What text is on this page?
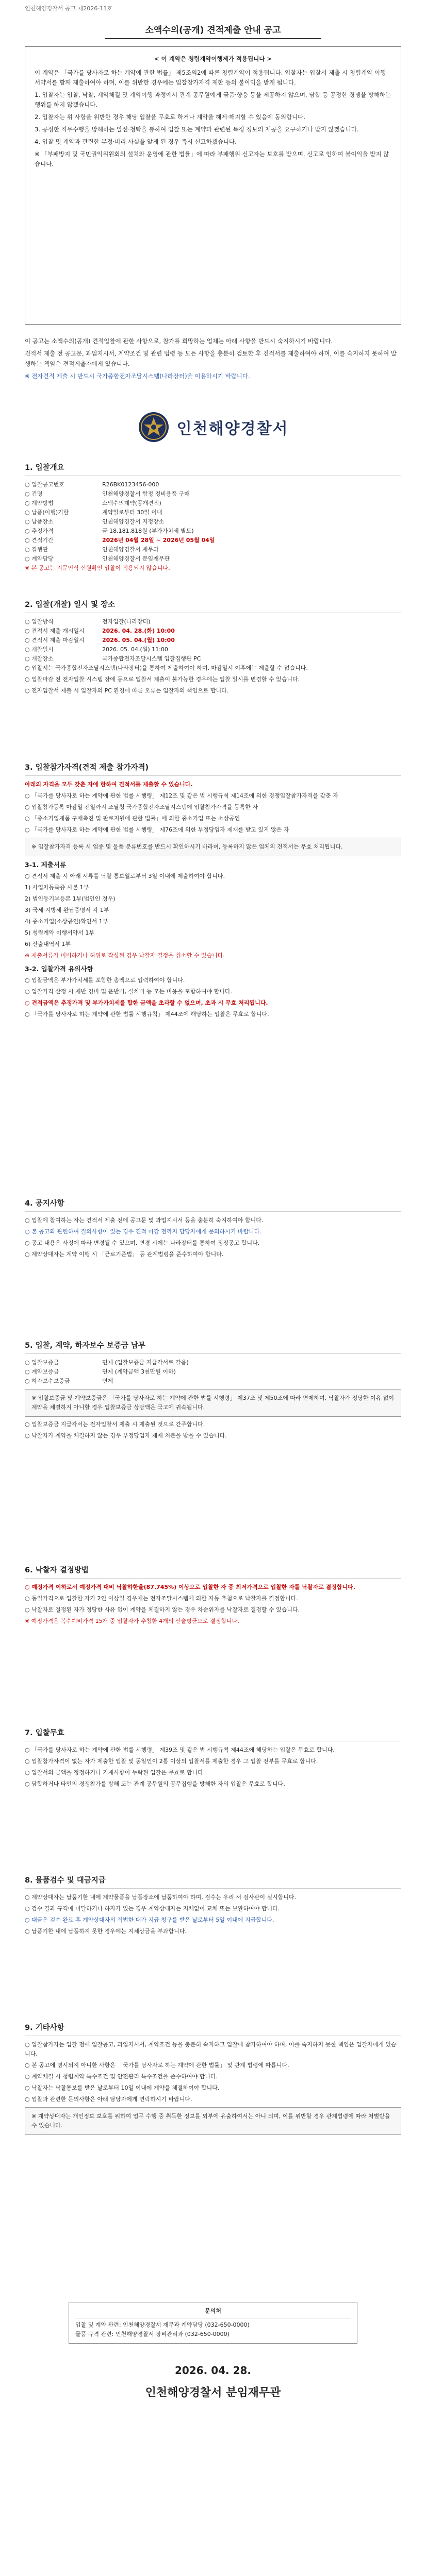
인천해양경찰서 공고 제2026-11호
소액수의(공개) 견적제출 안내 공고
< 이 계약은 청렴계약이행제가 적용됩니다 >

이 계약은 「국가를 당사자로 하는 계약에 관한 법률」 제5조의2에 따른 청렴계약이 적용됩니다. 입찰자는 입찰서 제출 시 청렴계약 이행서약서를 함께 제출하여야 하며, 이를 위반한 경우에는 입찰참가자격 제한 등의 불이익을 받게 됩니다.

1. 입찰자는 입찰, 낙찰, 계약체결 및 계약이행 과정에서 관계 공무원에게 금품·향응 등을 제공하지 않으며, 담합 등 공정한 경쟁을 방해하는 행위를 하지 않겠습니다.

2. 입찰자는 위 사항을 위반한 경우 해당 입찰을 무효로 하거나 계약을 해제·해지할 수 있음에 동의합니다.

3. 공정한 직무수행을 방해하는 알선·청탁을 통하여 입찰 또는 계약과 관련된 특정 정보의 제공을 요구하거나 받지 않겠습니다.

4. 입찰 및 계약과 관련한 부정·비리 사실을 알게 된 경우 즉시 신고하겠습니다.

※ 「부패방지 및 국민권익위원회의 설치와 운영에 관한 법률」에 따라 부패행위 신고자는 보호를 받으며, 신고로 인하여 불이익을 받지 않습니다.

이 공고는 소액수의(공개) 견적입찰에 관한 사항으로, 참가를 희망하는 업체는 아래 사항을 반드시 숙지하시기 바랍니다.

견적서 제출 전 공고문, 과업지시서, 계약조건 및 관련 법령 등 모든 사항을 충분히 검토한 후 견적서를 제출하여야 하며, 이를 숙지하지 못하여 발생하는 책임은 견적제출자에게 있습니다.

※ 전자견적 제출 시 반드시 국가종합전자조달시스템(나라장터)을 이용하시기 바랍니다.

인천해양경찰서
1. 입찰개요
○ 입찰공고번호	R26BK0123456-000
○ 건명	인천해양경찰서 함정 정비용품 구매
○ 계약방법	소액수의계약(공개견적)
○ 납품(이행)기한	계약일로부터 30일 이내
○ 납품장소	인천해양경찰서 지정장소
○ 추정가격	금 18,181,818원 (부가가치세 별도)
○ 견적기간	2026년 04월 28일 ~ 2026년 05월 04일
○ 집행관	인천해양경찰서 재무과
○ 계약담당	인천해양경찰서 분임재무관

※ 본 공고는 지문인식 신원확인 입찰이 적용되지 않습니다.

2. 입찰(개찰) 일시 및 장소
○ 입찰방식	전자입찰(나라장터)
○ 견적서 제출 개시일시	2026. 04. 28.(화) 10:00
○ 견적서 제출 마감일시	2026. 05. 04.(월) 10:00
○ 개찰일시	2026. 05. 04.(월) 11:00
○ 개찰장소	국가종합전자조달시스템 입찰집행관 PC

○ 입찰서는 국가종합전자조달시스템(나라장터)을 통하여 제출하여야 하며, 마감일시 이후에는 제출할 수 없습니다.

○ 입찰마감 전 전자입찰 시스템 장애 등으로 입찰서 제출이 불가능한 경우에는 입찰 일시를 변경할 수 있습니다.

○ 전자입찰서 제출 시 입찰자의 PC 환경에 따른 오류는 입찰자의 책임으로 합니다.

3. 입찰참가자격(견적 제출 참가자격)

아래의 자격을 모두 갖춘 자에 한하여 견적서를 제출할 수 있습니다.

○ 「국가를 당사자로 하는 계약에 관한 법률 시행령」 제12조 및 같은 법 시행규칙 제14조에 의한 경쟁입찰참가자격을 갖춘 자

○ 입찰참가등록 마감일 전일까지 조달청 국가종합전자조달시스템에 입찰참가자격을 등록한 자

○ 「중소기업제품 구매촉진 및 판로지원에 관한 법률」에 의한 중소기업 또는 소상공인

○ 「국가를 당사자로 하는 계약에 관한 법률 시행령」 제76조에 의한 부정당업자 제재를 받고 있지 않은 자

※ 입찰참가자격 등록 시 업종 및 물품 분류번호를 반드시 확인하시기 바라며, 등록하지 않은 업체의 견적서는 무효 처리됩니다.
3-1. 제출서류

○ 견적서 제출 시 아래 서류를 낙찰 통보일로부터 3일 이내에 제출하여야 합니다.

1) 사업자등록증 사본 1부

2) 법인등기부등본 1부(법인인 경우)

3) 국세·지방세 완납증명서 각 1부

4) 중소기업(소상공인)확인서 1부

5) 청렴계약 이행서약서 1부

6) 산출내역서 1부

※ 제출서류가 미비하거나 허위로 작성된 경우 낙찰자 결정을 취소할 수 있습니다.

3-2. 입찰가격 유의사항

○ 입찰금액은 부가가치세를 포함한 총액으로 입력하여야 합니다.

○ 입찰가격 산정 시 제반 경비 및 운반비, 설치비 등 모든 비용을 포함하여야 합니다.

○ 견적금액은 추정가격 및 부가가치세를 합한 금액을 초과할 수 없으며, 초과 시 무효 처리됩니다.

○ 「국가를 당사자로 하는 계약에 관한 법률 시행규칙」 제44조에 해당하는 입찰은 무효로 합니다.

4. 공지사항

○ 입찰에 참여하는 자는 견적서 제출 전에 공고문 및 과업지시서 등을 충분히 숙지하여야 합니다.

○ 본 공고와 관련하여 질의사항이 있는 경우 견적 마감 전까지 담당자에게 문의하시기 바랍니다.

○ 공고 내용은 사정에 따라 변경될 수 있으며, 변경 시에는 나라장터를 통하여 정정공고 합니다.

○ 계약상대자는 계약 이행 시 「근로기준법」 등 관계법령을 준수하여야 합니다.

5. 입찰, 계약, 하자보수 보증금 납부
○ 입찰보증금	면제 (입찰보증금 지급각서로 갈음)
○ 계약보증금	면제 (계약금액 3천만원 이하)
○ 하자보수보증금	면제
※ 입찰보증금 및 계약보증금은 「국가를 당사자로 하는 계약에 관한 법률 시행령」 제37조 및 제50조에 따라 면제하며, 낙찰자가 정당한 이유 없이 계약을 체결하지 아니할 경우 입찰보증금 상당액은 국고에 귀속됩니다.

○ 입찰보증금 지급각서는 전자입찰서 제출 시 제출된 것으로 간주합니다.

○ 낙찰자가 계약을 체결하지 않는 경우 부정당업자 제재 처분을 받을 수 있습니다.

6. 낙찰자 결정방법

○ 예정가격 이하로서 예정가격 대비 낙찰하한율(87.745%) 이상으로 입찰한 자 중 최저가격으로 입찰한 자를 낙찰자로 결정합니다.

○ 동일가격으로 입찰한 자가 2인 이상일 경우에는 전자조달시스템에 의한 자동 추첨으로 낙찰자를 결정합니다.

○ 낙찰자로 결정된 자가 정당한 사유 없이 계약을 체결하지 않는 경우 차순위자를 낙찰자로 결정할 수 있습니다.

※ 예정가격은 복수예비가격 15개 중 입찰자가 추첨한 4개의 산술평균으로 결정합니다.

7. 입찰무효

○ 「국가를 당사자로 하는 계약에 관한 법률 시행령」 제39조 및 같은 법 시행규칙 제44조에 해당하는 입찰은 무효로 합니다.

○ 입찰참가자격이 없는 자가 제출한 입찰 및 동일인이 2통 이상의 입찰서를 제출한 경우 그 입찰 전부를 무효로 합니다.

○ 입찰서의 금액을 정정하거나 기재사항이 누락된 입찰은 무효로 합니다.

○ 담합하거나 타인의 경쟁참가를 방해 또는 관계 공무원의 공무집행을 방해한 자의 입찰은 무효로 합니다.

8. 물품검수 및 대금지급

○ 계약상대자는 납품기한 내에 계약물품을 납품장소에 납품하여야 하며, 검수는 우리 서 검사관이 실시합니다.

○ 검수 결과 규격에 미달하거나 하자가 있는 경우 계약상대자는 지체없이 교체 또는 보완하여야 합니다.

○ 대금은 검수 완료 후 계약상대자의 적법한 대가 지급 청구를 받은 날로부터 5일 이내에 지급합니다.

○ 납품기한 내에 납품하지 못한 경우에는 지체상금을 부과합니다.

9. 기타사항

○ 입찰참가자는 입찰 전에 입찰공고, 과업지시서, 계약조건 등을 충분히 숙지하고 입찰에 참가하여야 하며, 이를 숙지하지 못한 책임은 입찰자에게 있습니다.

○ 본 공고에 명시되지 아니한 사항은 「국가를 당사자로 하는 계약에 관한 법률」 및 관계 법령에 따릅니다.

○ 계약체결 시 청렴계약 특수조건 및 안전관리 특수조건을 준수하여야 합니다.

○ 낙찰자는 낙찰통보를 받은 날로부터 10일 이내에 계약을 체결하여야 합니다.

○ 입찰과 관련한 문의사항은 아래 담당자에게 연락하시기 바랍니다.

※ 계약상대자는 개인정보 보호를 위하여 업무 수행 중 취득한 정보를 외부에 유출하여서는 아니 되며, 이를 위반할 경우 관계법령에 따라 처벌받을 수 있습니다.
문의처
입찰 및 계약 관련: 인천해양경찰서 재무과 계약담당 (032-650-0000)
물품 규격 관련: 인천해양경찰서 장비관리과 (032-650-0000)
2026. 04. 28.
인천해양경찰서 분임재무관
